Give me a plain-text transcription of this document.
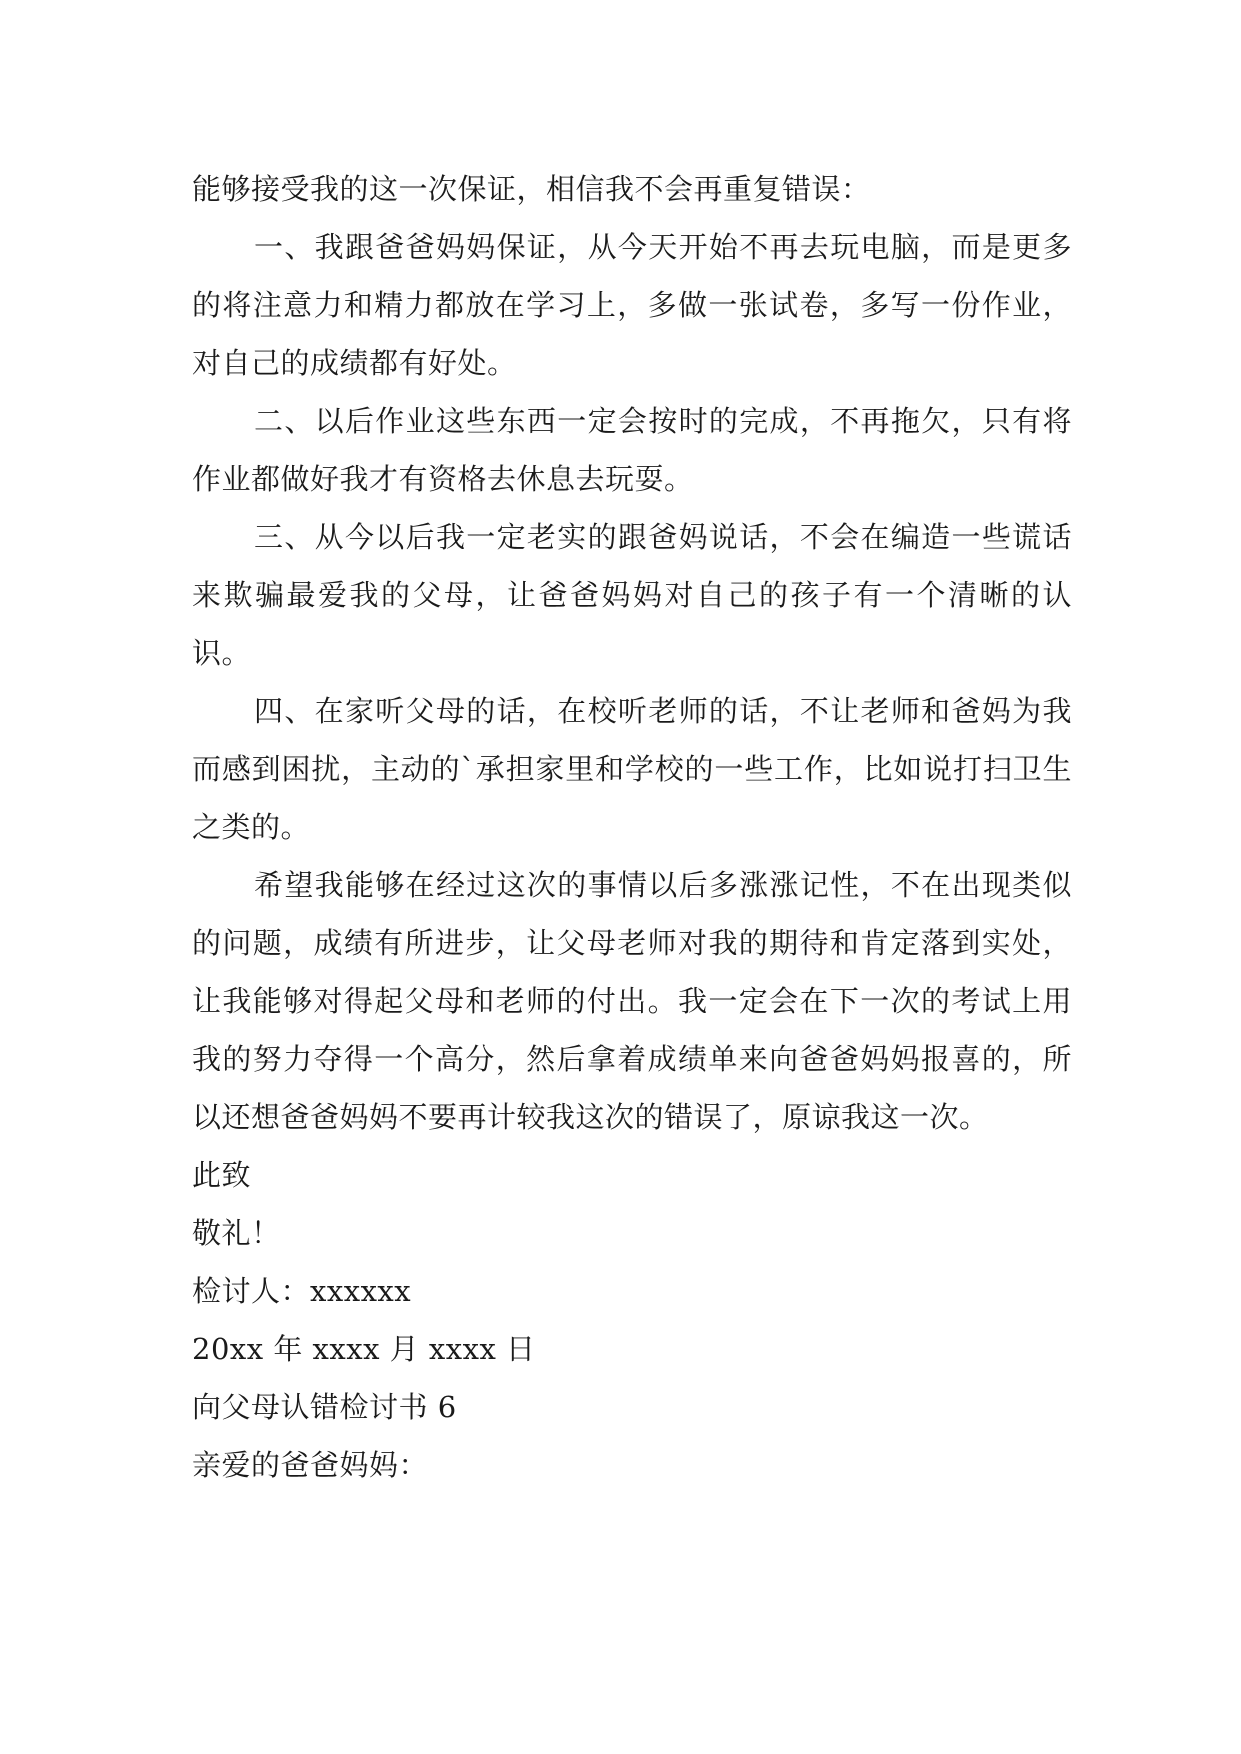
能够接受我的这一次保证，相信我不会再重复错误：

一、我跟爸爸妈妈保证，从今天开始不再去玩电脑，而是更多的将注意力和精力都放在学习上，多做一张试卷，多写一份作业，对自己的成绩都有好处。

二、以后作业这些东西一定会按时的完成，不再拖欠，只有将作业都做好我才有资格去休息去玩耍。

三、从今以后我一定老实的跟爸妈说话，不会在编造一些谎话来欺骗最爱我的父母，让爸爸妈妈对自己的孩子有一个清晰的认识。

四、在家听父母的话，在校听老师的话，不让老师和爸妈为我而感到困扰，主动的`承担家里和学校的一些工作，比如说打扫卫生之类的。

希望我能够在经过这次的事情以后多涨涨记性，不在出现类似的问题，成绩有所进步，让父母老师对我的期待和肯定落到实处，让我能够对得起父母和老师的付出。我一定会在下一次的考试上用我的努力夺得一个高分，然后拿着成绩单来向爸爸妈妈报喜的，所以还想爸爸妈妈不要再计较我这次的错误了，原谅我这一次。

此致

敬礼！

检讨人：xxxxxx

20xx 年 xxxx 月 xxxx 日

向父母认错检讨书 6

亲爱的爸爸妈妈：
